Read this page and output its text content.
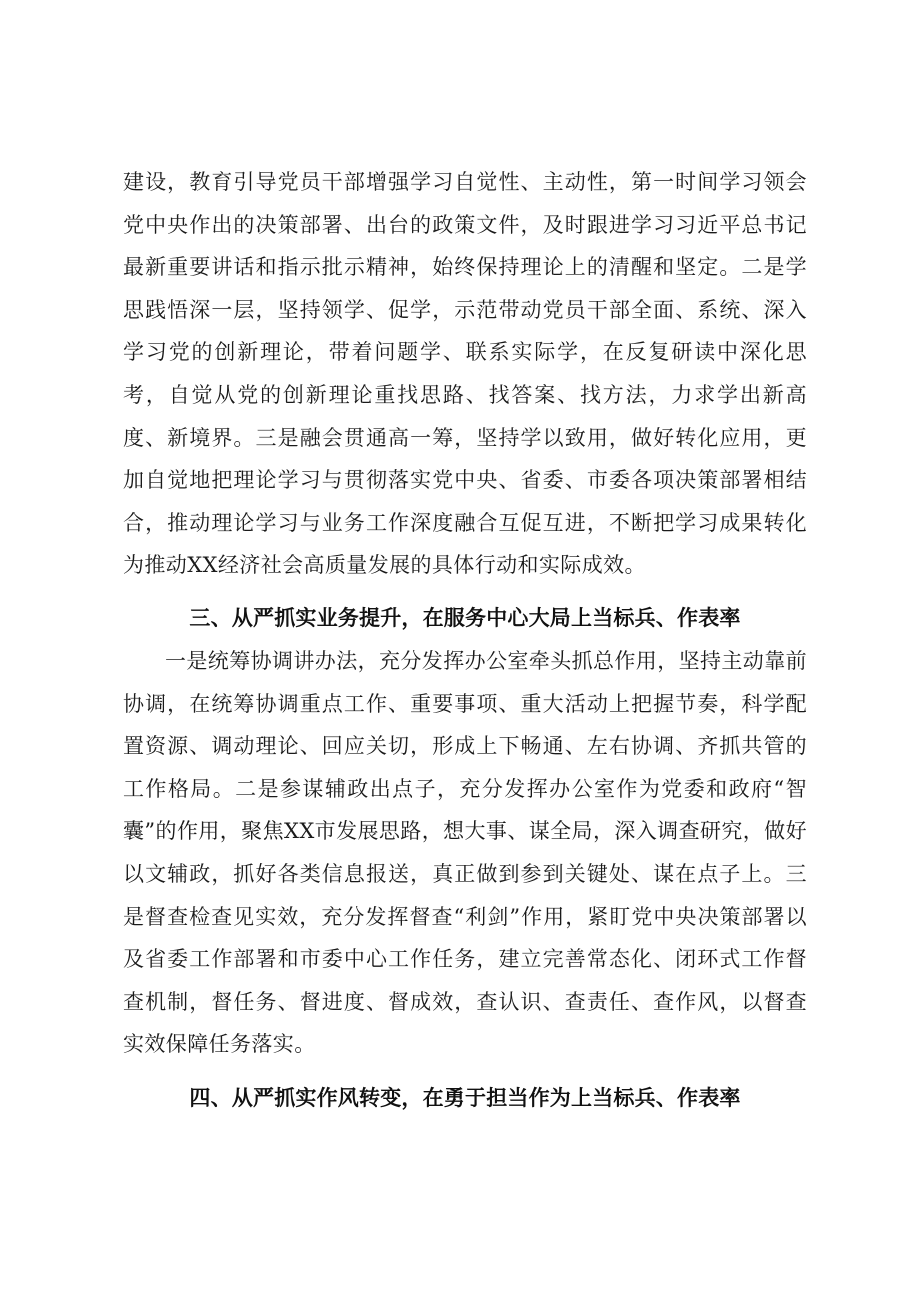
建设，教育引导党员干部增强学习自觉性、主动性，第一时间学习领会党中央作出的决策部署、出台的政策文件，及时跟进学习习近平总书记最新重要讲话和指示批示精神，始终保持理论上的清醒和坚定。二是学思践悟深一层，坚持领学、促学，示范带动党员干部全面、系统、深入学习党的创新理论，带着问题学、联系实际学，在反复研读中深化思考，自觉从党的创新理论重找思路、找答案、找方法，力求学出新高度、新境界。三是融会贯通高一筹，坚持学以致用，做好转化应用，更加自觉地把理论学习与贯彻落实党中央、省委、市委各项决策部署相结合，推动理论学习与业务工作深度融合互促互进，不断把学习成果转化为推动XX经济社会高质量发展的具体行动和实际成效。

三、从严抓实业务提升，在服务中心大局上当标兵、作表率

一是统筹协调讲办法，充分发挥办公室牵头抓总作用，坚持主动靠前协调，在统筹协调重点工作、重要事项、重大活动上把握节奏，科学配置资源、调动理论、回应关切，形成上下畅通、左右协调、齐抓共管的工作格局。二是参谋辅政出点子，充分发挥办公室作为党委和政府“智囊”的作用，聚焦XX市发展思路，想大事、谋全局，深入调查研究，做好以文辅政，抓好各类信息报送，真正做到参到关键处、谋在点子上。三是督查检查见实效，充分发挥督查“利剑”作用，紧盯党中央决策部署以及省委工作部署和市委中心工作任务，建立完善常态化、闭环式工作督查机制，督任务、督进度、督成效，查认识、查责任、查作风，以督查实效保障任务落实。

四、从严抓实作风转变，在勇于担当作为上当标兵、作表率
